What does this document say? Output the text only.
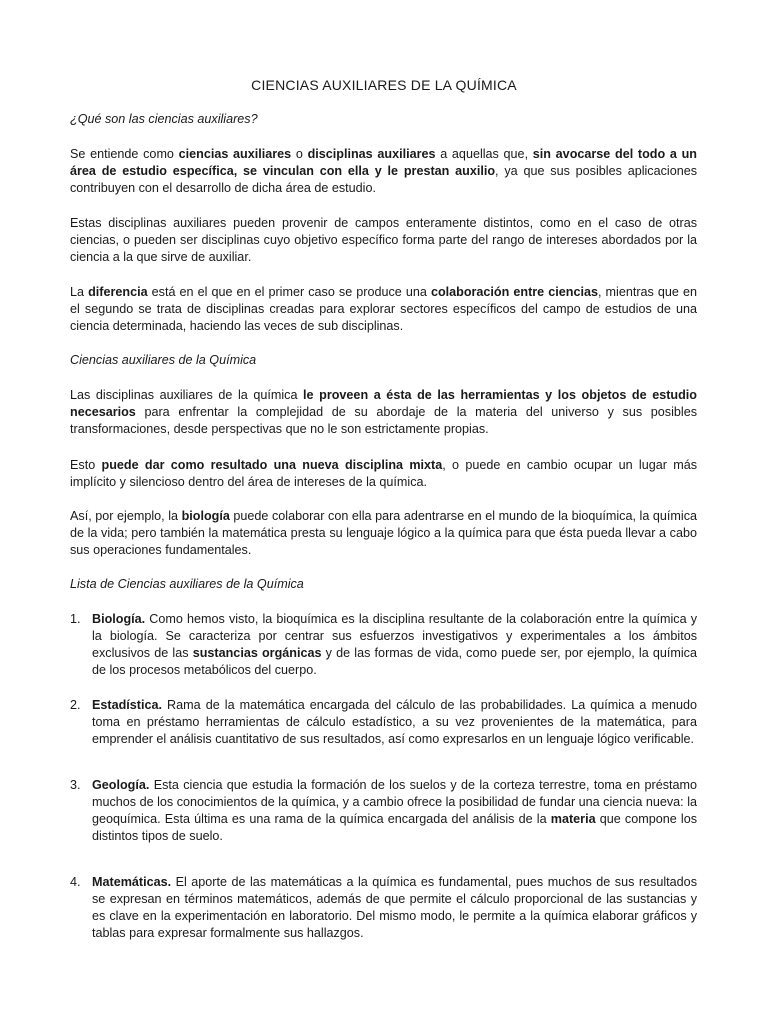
CIENCIAS AUXILIARES DE LA QUÍMICA

¿Qué son las ciencias auxiliares?

Se entiende como ciencias auxiliares o disciplinas auxiliares a aquellas que, sin avocarse del todo a un área de estudio específica, se vinculan con ella y le prestan auxilio, ya que sus posibles aplicaciones contribuyen con el desarrollo de dicha área de estudio.

Estas disciplinas auxiliares pueden provenir de campos enteramente distintos, como en el caso de otras ciencias, o pueden ser disciplinas cuyo objetivo específico forma parte del rango de intereses abordados por la ciencia a la que sirve de auxiliar.

La diferencia está en el que en el primer caso se produce una colaboración entre ciencias, mientras que en el segundo se trata de disciplinas creadas para explorar sectores específicos del campo de estudios de una ciencia determinada, haciendo las veces de sub disciplinas.

Ciencias auxiliares de la Química

Las disciplinas auxiliares de la química le proveen a ésta de las herramientas y los objetos de estudio necesarios para enfrentar la complejidad de su abordaje de la materia del universo y sus posibles transformaciones, desde perspectivas que no le son estrictamente propias.

Esto puede dar como resultado una nueva disciplina mixta, o puede en cambio ocupar un lugar más implícito y silencioso dentro del área de intereses de la química.

Así, por ejemplo, la biología puede colaborar con ella para adentrarse en el mundo de la bioquímica, la química de la vida; pero también la matemática presta su lenguaje lógico a la química para que ésta pueda llevar a cabo sus operaciones fundamentales.

Lista de Ciencias auxiliares de la Química

1. Biología. Como hemos visto, la bioquímica es la disciplina resultante de la colaboración entre la química y la biología. Se caracteriza por centrar sus esfuerzos investigativos y experimentales a los ámbitos exclusivos de las sustancias orgánicas y de las formas de vida, como puede ser, por ejemplo, la química de los procesos metabólicos del cuerpo.
2. Estadística. Rama de la matemática encargada del cálculo de las probabilidades. La química a menudo toma en préstamo herramientas de cálculo estadístico, a su vez provenientes de la matemática, para emprender el análisis cuantitativo de sus resultados, así como expresarlos en un lenguaje lógico verificable.
3. Geología. Esta ciencia que estudia la formación de los suelos y de la corteza terrestre, toma en préstamo muchos de los conocimientos de la química, y a cambio ofrece la posibilidad de fundar una ciencia nueva: la geoquímica. Esta última es una rama de la química encargada del análisis de la materia que compone los distintos tipos de suelo.
4. Matemáticas. El aporte de las matemáticas a la química es fundamental, pues muchos de sus resultados se expresan en términos matemáticos, además de que permite el cálculo proporcional de las sustancias y es clave en la experimentación en laboratorio. Del mismo modo, le permite a la química elaborar gráficos y tablas para expresar formalmente sus hallazgos.
